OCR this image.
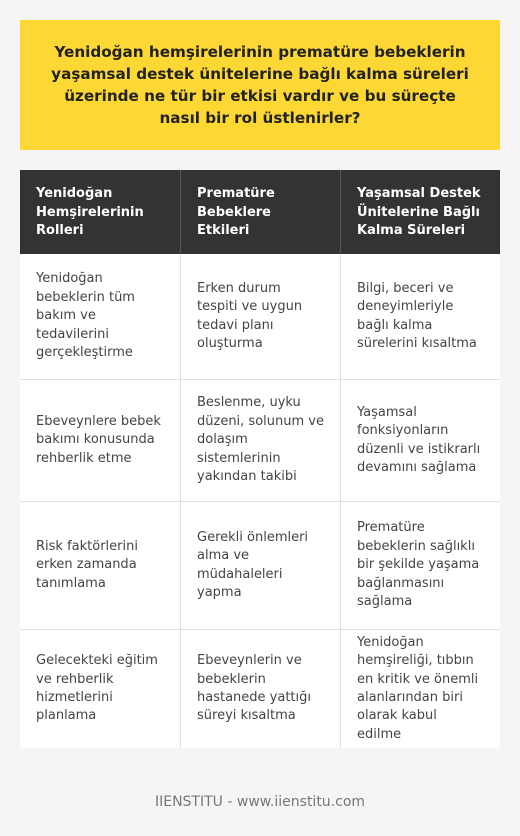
Yenidoğan hemşirelerinin prematüre bebeklerin yaşamsal destek ünitelerine bağlı kalma süreleri üzerinde ne tür bir etkisi vardır ve bu süreçte nasıl bir rol üstlenirler?
Yenidoğan Hemşirelerinin Rolleri
Prematüre Bebeklere Etkileri
Yaşamsal Destek Ünitelerine Bağlı Kalma Süreleri
Yenidoğan bebeklerin tüm bakım ve tedavilerini gerçekleştirme
Erken durum tespiti ve uygun tedavi planı oluşturma
Bilgi, beceri ve deneyimleriyle bağlı kalma sürelerini kısaltma
Ebeveynlere bebek bakımı konusunda rehberlik etme
Beslenme, uyku düzeni, solunum ve dolaşım sistemlerinin yakından takibi
Yaşamsal fonksiyonların düzenli ve istikrarlı devamını sağlama
Risk faktörlerini erken zamanda tanımlama
Gerekli önlemleri alma ve müdahaleleri yapma
Prematüre bebeklerin sağlıklı bir şekilde yaşama bağlanmasını sağlama
Gelecekteki eğitim ve rehberlik hizmetlerini planlama
Ebeveynlerin ve bebeklerin hastanede yattığı süreyi kısaltma
Yenidoğan hemşireliği, tıbbın en kritik ve önemli alanlarından biri olarak kabul edilme
IIENSTITU - www.iienstitu.com
